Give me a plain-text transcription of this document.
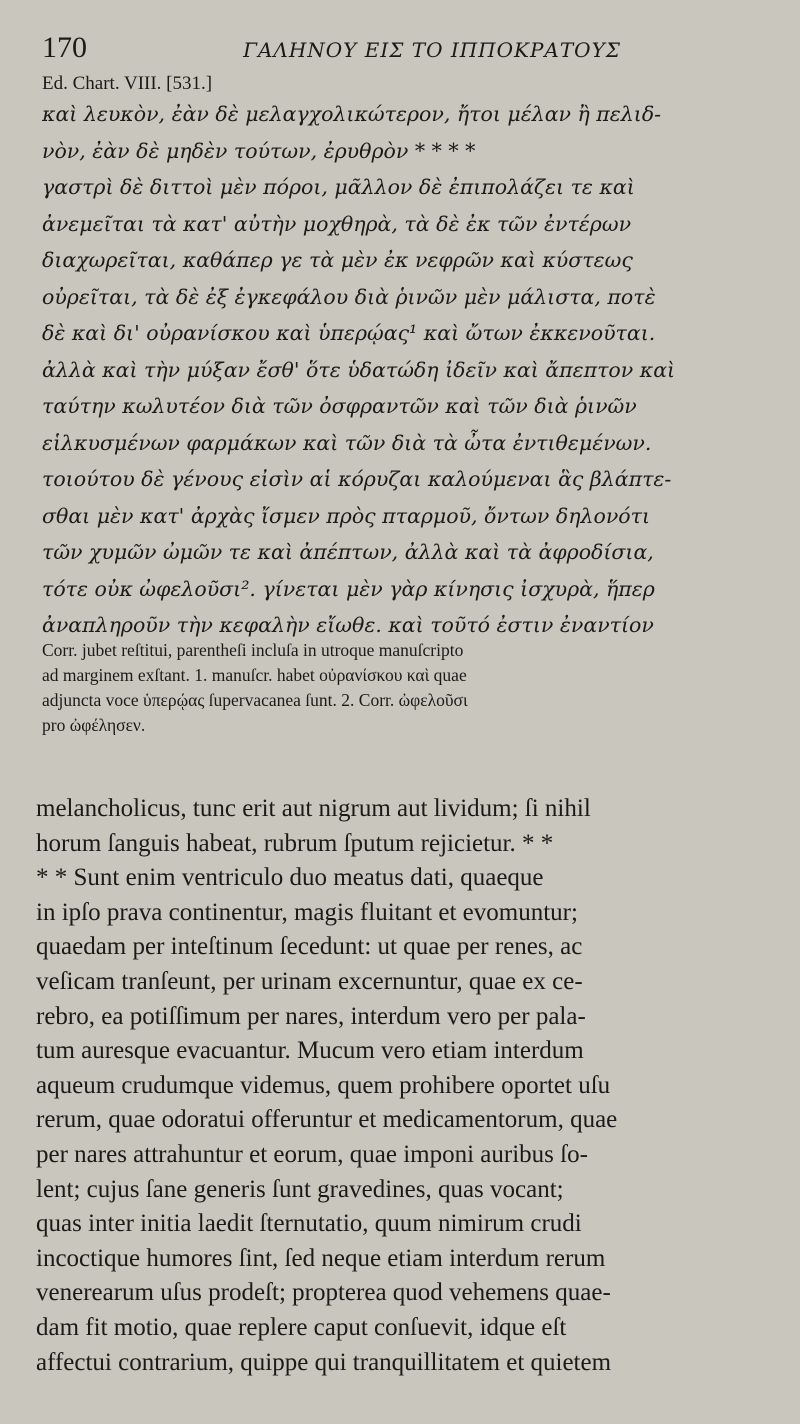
170	ΓΑΛΗΝΟΥ ΕΙΣ ΤΟ ΙΠΠΟΚΡΑΤΟΥΣ
Ed. Chart. VIII. [531.]
καὶ λευκὸν, ἐὰν δὲ μελαγχολικώτερον, ἤτοι μέλαν ἢ πελιδ-
νὸν, ἐὰν δὲ μηδὲν τούτων, ἐρυθρὸν * * * *
γαστρὶ δὲ διττοὶ μὲν πόροι, μᾶλλον δὲ ἐπιπολάζει τε καὶ
ἀνεμεῖται τὰ κατ' αὐτὴν μοχθηρὰ, τὰ δὲ ἐκ τῶν ἐντέρων
διαχωρεῖται, καθάπερ γε τὰ μὲν ἐκ νεφρῶν καὶ κύστεως
οὐρεῖται, τὰ δὲ ἐξ ἐγκεφάλου διὰ ῥινῶν μὲν μάλιστα, ποτὲ
δὲ καὶ δι' οὐρανίσκου καὶ ὑπερῴας¹ καὶ ὤτων ἐκκενοῦται.
ἀλλὰ καὶ τὴν μύξαν ἔσθ' ὅτε ὑδατώδη ἰδεῖν καὶ ἄπεπτον καὶ
ταύτην κωλυτέον διὰ τῶν ὀσφραντῶν καὶ τῶν διὰ ῥινῶν
εἱλκυσμένων φαρμάκων καὶ τῶν διὰ τὰ ὦτα ἐντιθεμένων.
τοιούτου δὲ γένους εἰσὶν αἱ κόρυζαι καλούμεναι ἃς βλάπτε-
σθαι μὲν κατ' ἀρχὰς ἴσμεν πρὸς πταρμοῦ, ὄντων δηλονότι
τῶν χυμῶν ὠμῶν τε καὶ ἀπέπτων, ἀλλὰ καὶ τὰ ἀφροδίσια,
τότε οὐκ ὠφελοῦσι². γίνεται μὲν γὰρ κίνησις ἰσχυρὰ, ἥπερ
ἀναπληροῦν τὴν κεφαλὴν εἴωθε. καὶ τοῦτό ἐστιν ἐναντίον
Corr. jubet reſtitui, parentheſi incluſa in utroque manuſcripto
ad marginem exſtant. 1. manuſcr. habet οὐρανίσκου καὶ quae
adjuncta voce ὑπερῴας ſupervacanea ſunt. 2. Corr. ὠφελοῦσι
pro ὠφέλησεν.
melancholicus, tunc erit aut nigrum aut lividum; ſi nihil
horum ſanguis habeat, rubrum ſputum rejicietur. * *
* * Sunt enim ventriculo duo meatus dati, quaeque
in ipſo prava continentur, magis fluitant et evomuntur;
quaedam per inteſtinum ſecedunt: ut quae per renes, ac
veſicam tranſeunt, per urinam excernuntur, quae ex ce-
rebro, ea potiſſimum per nares, interdum vero per pala-
tum auresque evacuantur. Mucum vero etiam interdum
aqueum crudumque videmus, quem prohibere oportet uſu
rerum, quae odoratui offeruntur et medicamentorum, quae
per nares attrahuntur et eorum, quae imponi auribus ſo-
lent; cujus ſane generis ſunt gravedines, quas vocant;
quas inter initia laedit ſternutatio, quum nimirum crudi
incoctique humores ſint, ſed neque etiam interdum rerum
venerearum uſus prodeſt; propterea quod vehemens quae-
dam fit motio, quae replere caput conſuevit, idque eſt
affectui contrarium, quippe qui tranquillitatem et quietem
